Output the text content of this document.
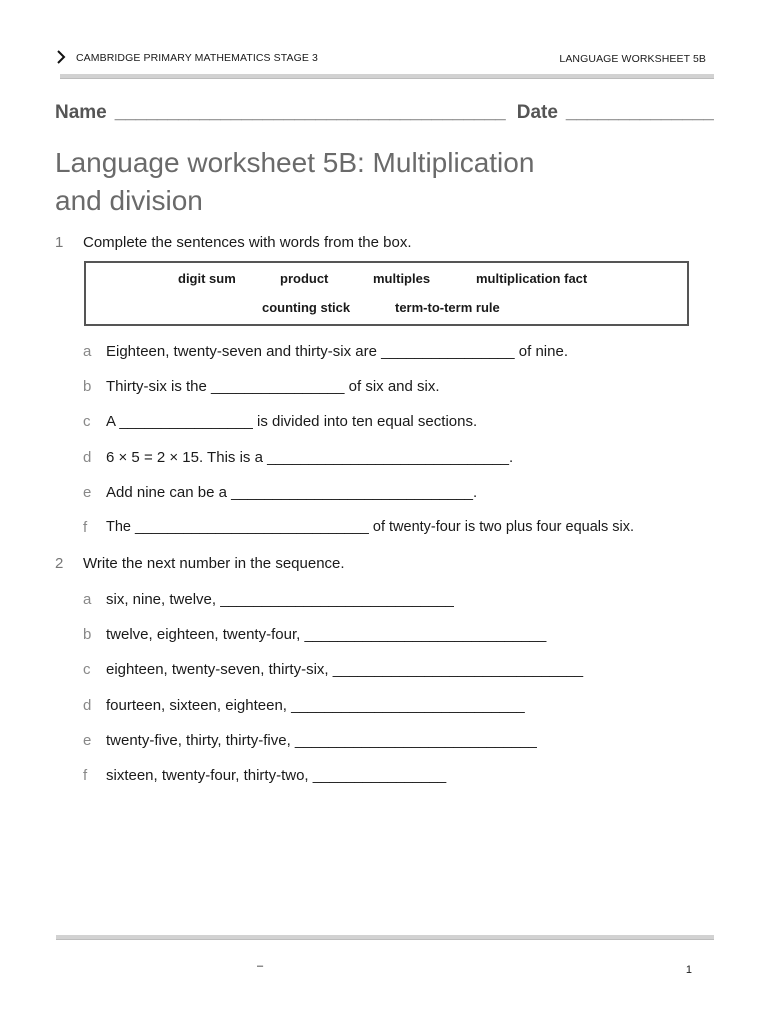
CAMBRIDGE PRIMARY MATHEMATICS STAGE 3	LANGUAGE WORKSHEET 5B
Name _____________________________________ Date ______________
Language worksheet 5B: Multiplication
and division
1 Complete the sentences with words from the box.
digit sum	product	multiples	multiplication fact
counting stick	term-to-term rule
a Eighteen, twenty-seven and thirty-six are ________________ of nine.
b Thirty-six is the ________________ of six and six.
c	A ________________ is divided into ten equal sections.
d 6 × 5 = 2 × 15. This is a _____________________________.
e Add nine can be a _____________________________.
f	The _____________________________ of twenty-four is two plus four equals six.
2 Write the next number in the sequence.
a six, nine, twelve, ____________________________
b twelve, eighteen, twenty-four, _____________________________
c	eighteen, twenty-seven, thirty-six, ______________________________
d fourteen, sixteen, eighteen, ____________________________
e twenty-five, thirty, thirty-five, _____________________________
f	sixteen, twenty-four, thirty-two, ________________
–	1
